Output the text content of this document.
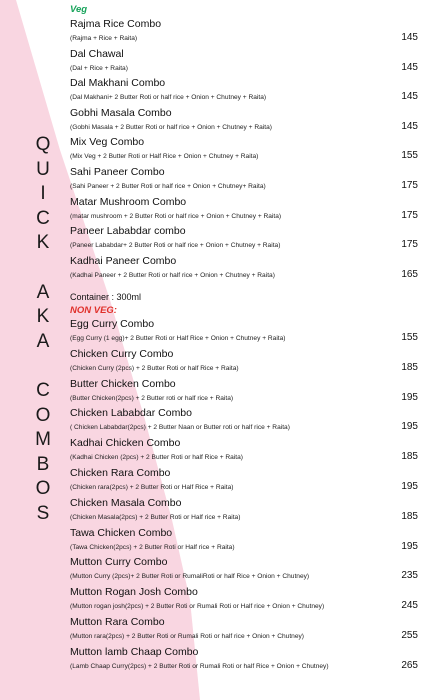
Q
U
I
C
K
A
K
A
C
O
M
B
O
S
Veg
Rajma Rice Combo
(Rajma + Rice + Raita)	145
Dal Chawal
(Dal + Rice + Raita)	145
Dal Makhani Combo
(Dal Makhani+ 2 Butter Roti or half rice + Onion + Chutney + Raita)	145
Gobhi Masala Combo
(Gobhi Masala + 2 Butter Roti or half rice + Onion + Chutney + Raita)	145
Mix Veg Combo
(Mix Veg + 2 Butter Roti or Half Rice + Onion + Chutney + Raita)	155
Sahi Paneer Combo
(Sahi Paneer + 2 Butter Roti or half rice + Onion + Chutney+ Raita)	175
Matar Mushroom Combo
(matar mushroom + 2 Butter Roti or half rice + Onion + Chutney + Raita)	175
Paneer Lababdar combo
(Paneer Lababdar+ 2 Butter Roti or half rice + Onion + Chutney + Raita)	175
Kadhai Paneer Combo
(Kadhai Paneer + 2 Butter Roti or half rice + Onion + Chutney + Raita)	165
Container : 300ml
NON VEG:
Egg Curry Combo
(Egg Curry (1 egg)+ 2 Butter Roti or Half Rice + Onion + Chutney + Raita)	155
Chicken Curry Combo
(Chicken Curry (2pcs) + 2 Butter Roti or half Rice + Raita)	185
Butter Chicken Combo
(Butter Chicken(2pcs) + 2 Butter roti or half rice + Raita)	195
Chicken Lababdar Combo
( Chicken Lababdar(2pcs) + 2 Butter Naan or Butter roti or half rice + Raita)	195
Kadhai Chicken Combo
(Kadhai Chicken (2pcs) + 2 Butter Roti or half Rice + Raita)	185
Chicken Rara Combo
(Chicken rara(2pcs) + 2 Butter Roti or Half Rice + Raita)	195
Chicken Masala Combo
(Chicken Masala(2pcs) + 2 Butter Roti or Half rice + Raita)	185
Tawa Chicken Combo
(Tawa Chicken(2pcs) + 2 Butter Roti or Half rice + Raita)	195
Mutton Curry Combo
(Mutton Curry (2pcs)+ 2 Butter Roti or RumaliRoti or half Rice + Onion + Chutney)	235
Mutton Rogan Josh Combo
(Mutton rogan josh(2pcs) + 2 Butter Roti or Rumali Roti or Half rice + Onion + Chutney)	245
Mutton Rara Combo
(Mutton rara(2pcs) + 2 Butter Roti or Rumali Roti or half rice + Onion + Chutney)	255
Mutton lamb Chaap Combo
(Lamb Chaap Curry(2pcs) + 2 Butter Roti or Rumali Roti or half Rice + Onion + Chutney)	265
